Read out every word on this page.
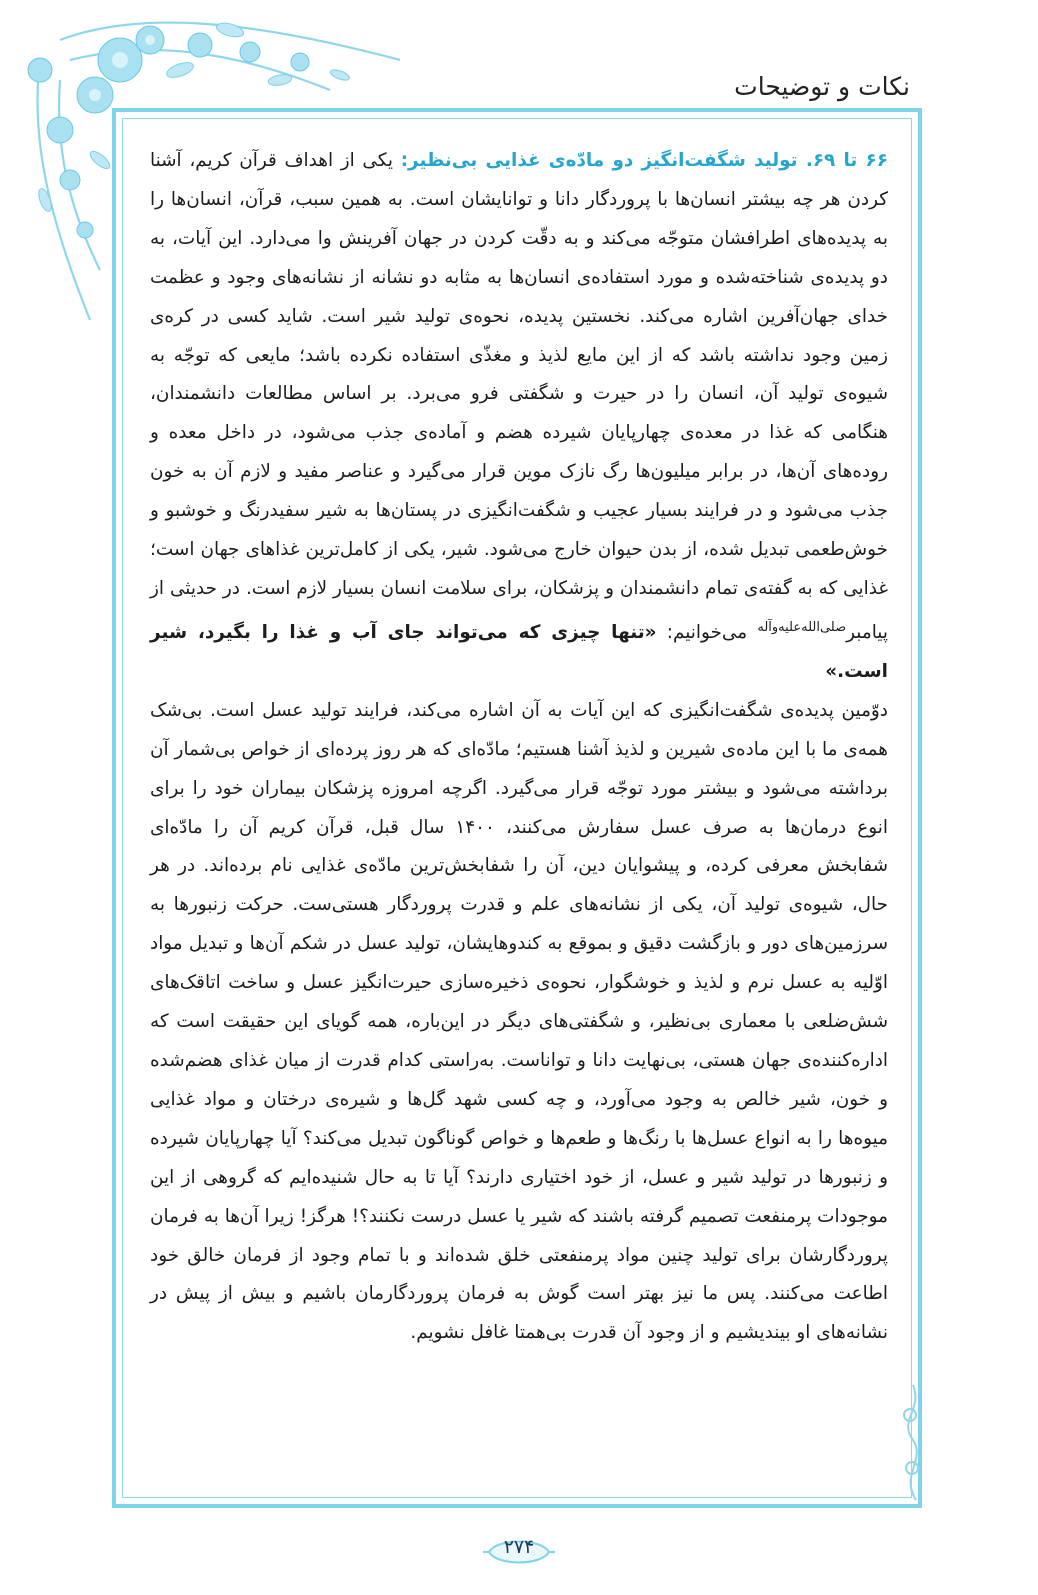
نکات و توضیحات

۶۶ تا ۶۹. تولید شگفت‌انگیز دو مادّه‌ی غذایی بی‌نظیر: یکی از اهداف قرآن کریم، آشنا کردن هر چه بیشتر انسان‌ها با پروردگار دانا و توانایشان است. به همین سبب، قرآن، انسان‌ها را به پدیده‌های اطرافشان متوجّه می‌کند و به دقّت کردن در جهان آفرینش وا می‌دارد. این آیات، به دو پدیده‌ی شناخته‌شده و مورد استفاده‌ی انسان‌ها به مثابه دو نشانه از نشانه‌های وجود و عظمت خدای جهان‌آفرین اشاره می‌کند. نخستین پدیده، نحوه‌ی تولید شیر است. شاید کسی در کره‌ی زمین وجود نداشته باشد که از این مایع لذیذ و مغذّی استفاده نکرده باشد؛ مایعی که توجّه به شیوه‌ی تولید آن، انسان را در حیرت و شگفتی فرو می‌برد. بر اساس مطالعات دانشمندان، هنگامی که غذا در معده‌ی چهارپایان شیرده هضم و آماده‌ی جذب می‌شود، در داخل معده و روده‌های آن‌ها، در برابر میلیون‌ها رگ نازک موین قرار می‌گیرد و عناصر مفید و لازم آن به خون جذب می‌شود و در فرایند بسیار عجیب و شگفت‌انگیزی در پستان‌ها به شیر سفیدرنگ و خوشبو و خوش‌طعمی تبدیل شده، از بدن حیوان خارج می‌شود. شیر، یکی از کامل‌ترین غذاهای جهان است؛ غذایی که به گفته‌ی تمام دانشمندان و پزشکان، برای سلامت انسان بسیار لازم است. در حدیثی از پیامبر$^{صلی‌الله‌علیه‌وآله}$ می‌خوانیم: «تنها چیزی که می‌تواند جای آب و غذا را بگیرد، شیر است.»

دوّمین پدیده‌ی شگفت‌انگیزی که این آیات به آن اشاره می‌کند، فرایند تولید عسل است. بی‌شک همه‌ی ما با این ماده‌ی شیرین و لذیذ آشنا هستیم؛ مادّه‌ای که هر روز پرده‌ای از خواص بی‌شمار آن برداشته می‌شود و بیشتر مورد توجّه قرار می‌گیرد. اگرچه امروزه پزشکان بیماران خود را برای انوع درمان‌ها به صرف عسل سفارش می‌کنند، ۱۴۰۰ سال قبل، قرآن کریم آن را مادّه‌ای شفابخش معرفی کرده، و پیشوایان دین، آن را شفابخش‌ترین مادّه‌ی غذایی نام برده‌اند. در هر حال، شیوه‌ی تولید آن، یکی از نشانه‌های علم و قدرت پروردگار هستی‌ست. حرکت زنبورها به سرزمین‌های دور و بازگشت دقیق و بموقع به کندوهایشان، تولید عسل در شکم آن‌ها و تبدیل مواد اوّلیه به عسل نرم و لذیذ و خوشگوار، نحوه‌ی ذخیره‌سازی حیرت‌انگیز عسل و ساخت اتاقک‌های شش‌ضلعی با معماری بی‌نظیر، و شگفتی‌های دیگر در این‌باره، همه گویای این حقیقت است که اداره‌کننده‌ی جهان هستی، بی‌نهایت دانا و تواناست. به‌راستی کدام قدرت از میان غذای هضم‌شده و خون، شیر خالص به وجود می‌آورد، و چه کسی شهد گل‌ها و شیره‌ی درختان و مواد غذایی میوه‌ها را به انواع عسل‌ها با رنگ‌ها و طعم‌ها و خواص گوناگون تبدیل می‌کند؟ آیا چهارپایان شیرده و زنبورها در تولید شیر و عسل، از خود اختیاری دارند؟ آیا تا به حال شنیده‌ایم که گروهی از این موجودات پرمنفعت تصمیم گرفته باشند که شیر یا عسل درست نکنند؟! هرگز! زیرا آن‌ها به فرمان پروردگارشان برای تولید چنین مواد پرمنفعتی خلق شده‌اند و با تمام وجود از فرمان خالق خود اطاعت می‌کنند. پس ما نیز بهتر است گوش به فرمان پروردگارمان باشیم و بیش از پیش در نشانه‌های او بیندیشیم و از وجود آن قدرت بی‌همتا غافل نشویم.

۲۷۴
